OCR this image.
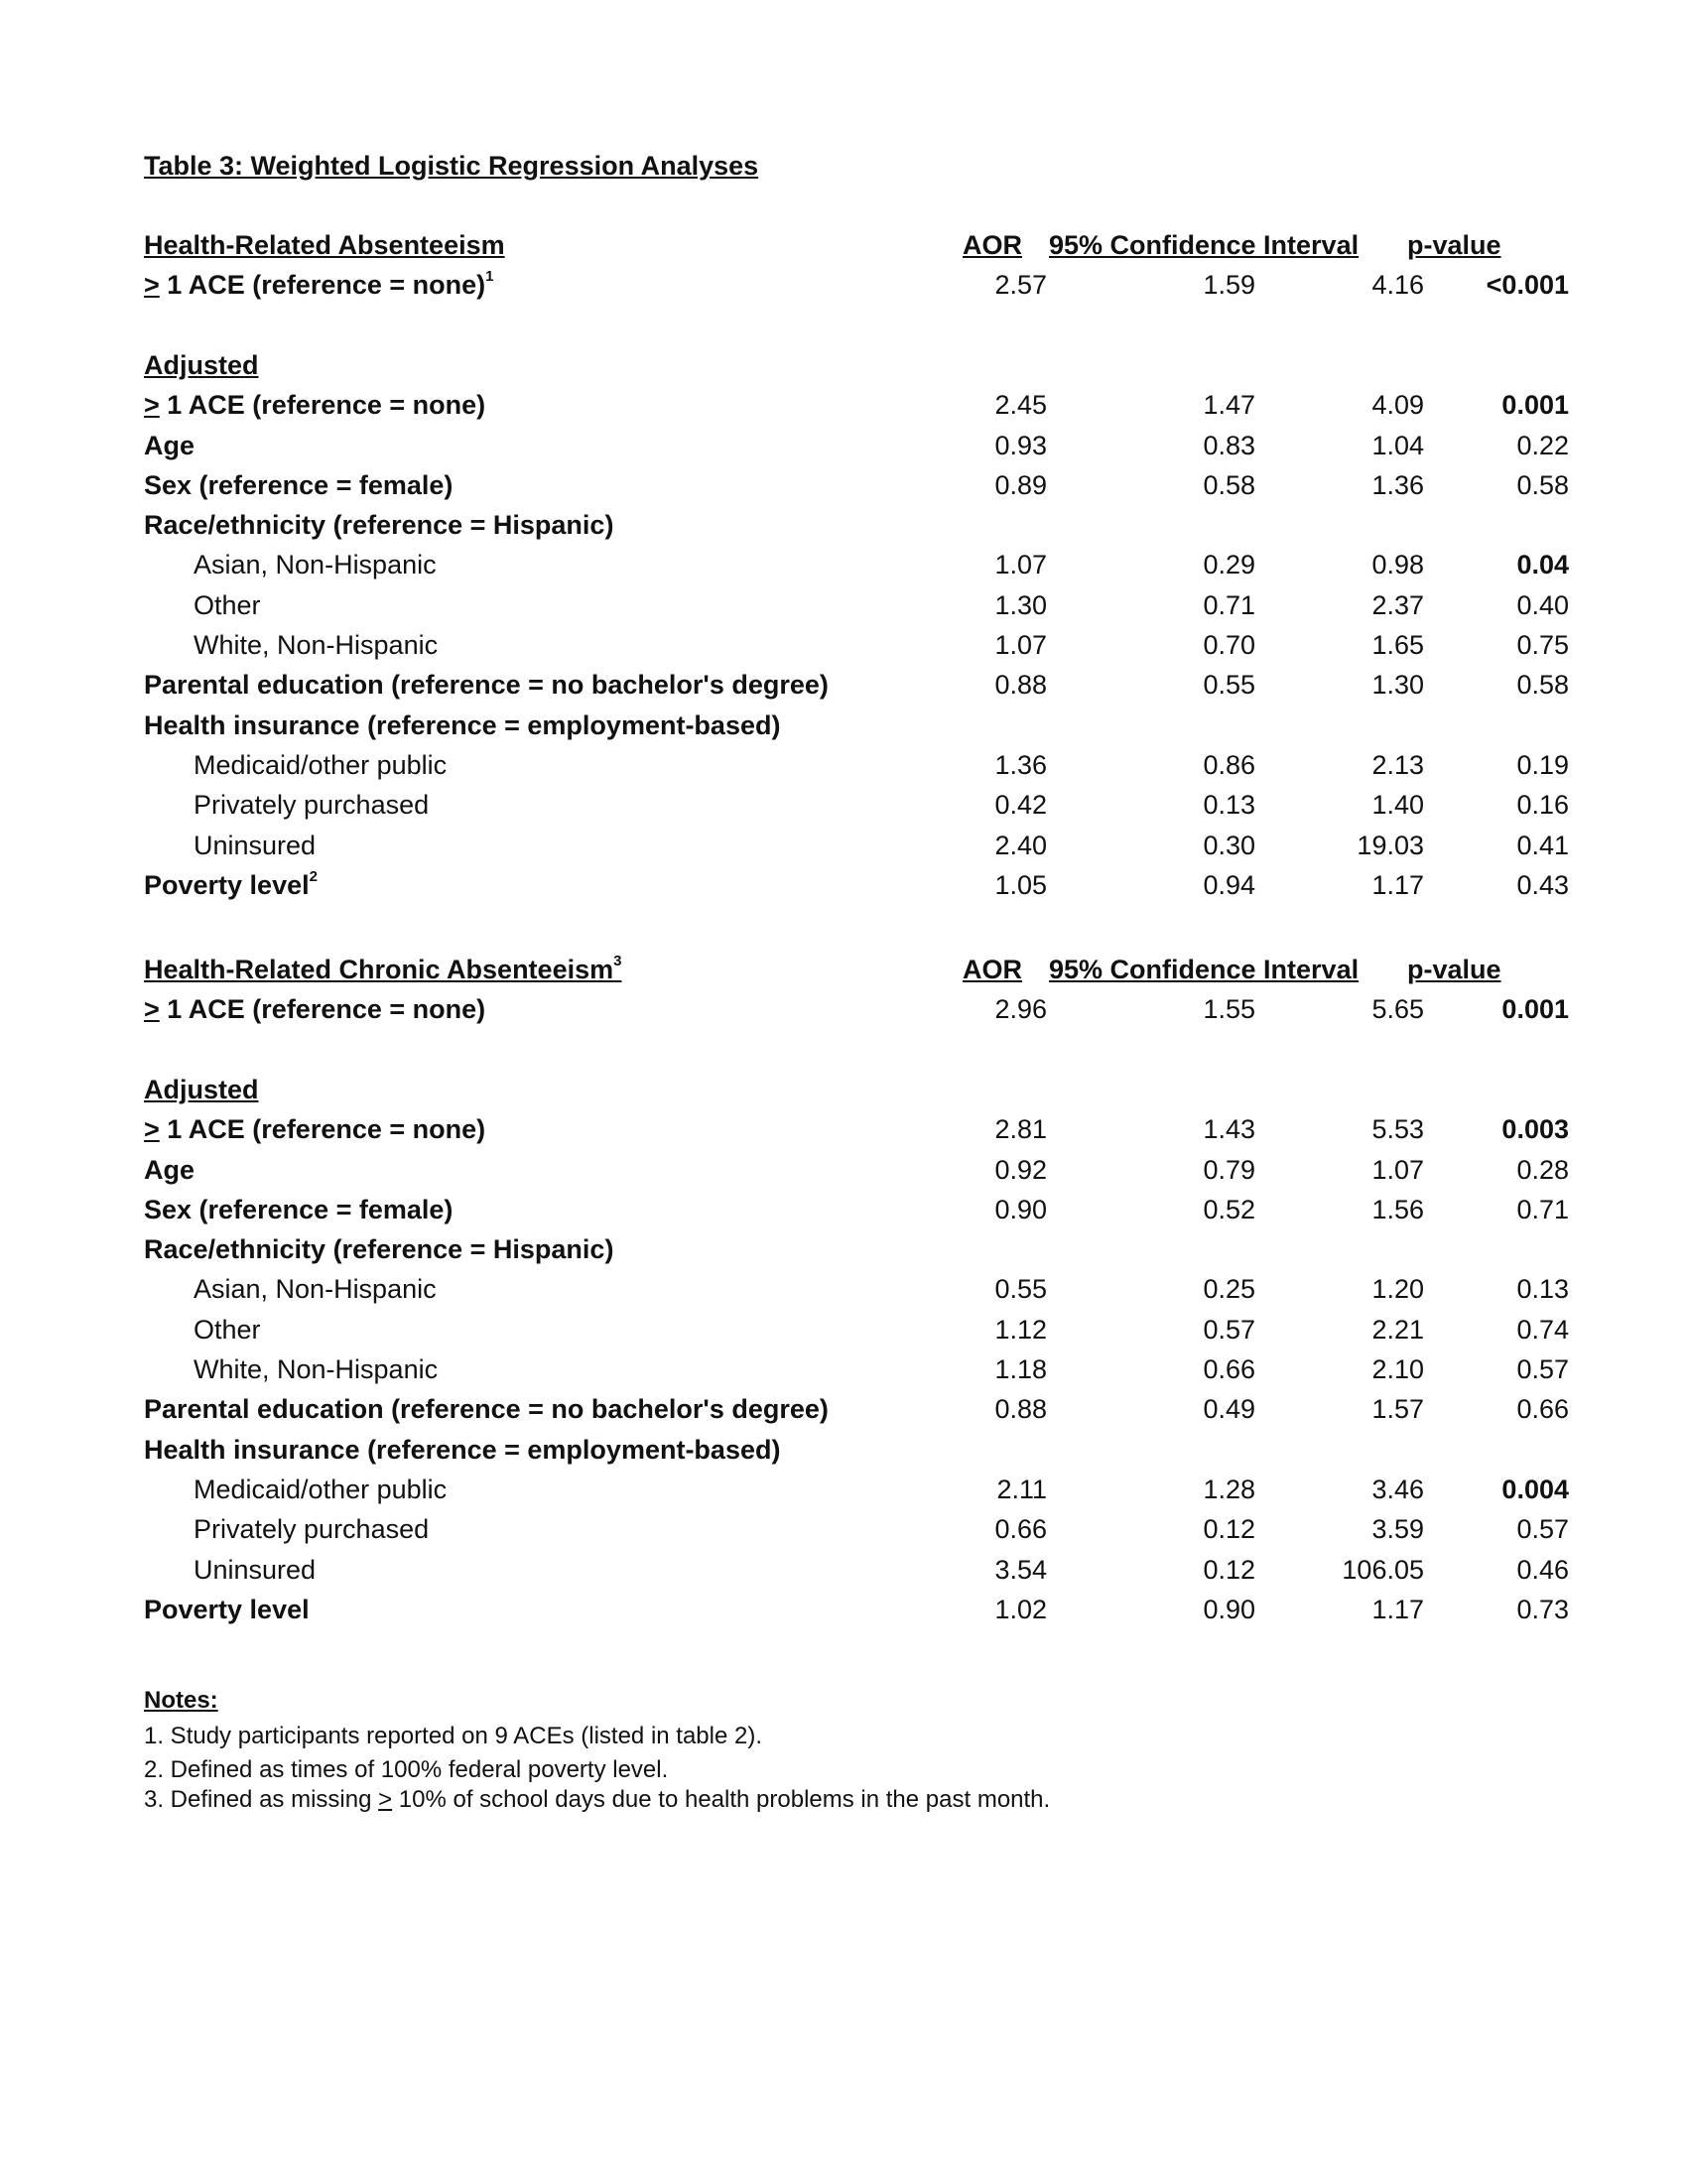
Table 3: Weighted Logistic Regression Analyses
Health-Related Absenteeism	AOR 95% Confidence Interval p-value
≥ 1 ACE (reference = none)$^1$	2.57	1.59	4.16	<0.001
Adjusted
≥ 1 ACE (reference = none)	2.45	1.47	4.09	0.001
Age	0.93	0.83	1.04	0.22
Sex (reference = female)	0.89	0.58	1.36	0.58
Race/ethnicity (reference = Hispanic)
Asian, Non-Hispanic	1.07	0.29	0.98	0.04
Other	1.30	0.71	2.37	0.40
White, Non-Hispanic	1.07	0.70	1.65	0.75
Parental education (reference = no bachelor's degree)	0.88	0.55	1.30	0.58
Health insurance (reference = employment-based)
Medicaid/other public	1.36	0.86	2.13	0.19
Privately purchased	0.42	0.13	1.40	0.16
Uninsured	2.40	0.30	19.03	0.41
Poverty level$^2$	1.05	0.94	1.17	0.43
Health-Related Chronic Absenteeism$^3$	AOR 95% Confidence Interval p-value
≥ 1 ACE (reference = none)	2.96	1.55	5.65	0.001
Adjusted
≥ 1 ACE (reference = none)	2.81	1.43	5.53	0.003
Age	0.92	0.79	1.07	0.28
Sex (reference = female)	0.90	0.52	1.56	0.71
Race/ethnicity (reference = Hispanic)
Asian, Non-Hispanic	0.55	0.25	1.20	0.13
Other	1.12	0.57	2.21	0.74
White, Non-Hispanic	1.18	0.66	2.10	0.57
Parental education (reference = no bachelor's degree)	0.88	0.49	1.57	0.66
Health insurance (reference = employment-based)
Medicaid/other public	2.11	1.28	3.46	0.004
Privately purchased	0.66	0.12	3.59	0.57
Uninsured	3.54	0.12	106.05	0.46
Poverty level	1.02	0.90	1.17	0.73
Notes:
1. Study participants reported on 9 ACEs (listed in table 2).
2. Defined as times of 100% federal poverty level.
3. Defined as missing ≥ 10% of school days due to health problems in the past month.
